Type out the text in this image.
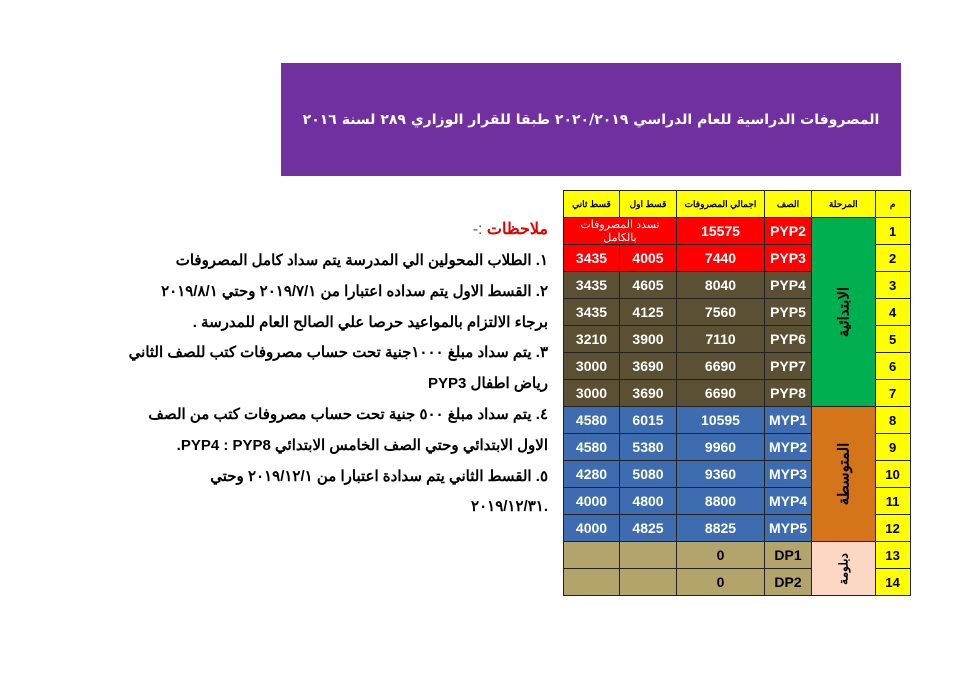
المصروفات الدراسية للعام الدراسي ٢٠٢٠/٢٠١٩ طبقا للقرار الوزاري ٢٨٩ لسنة ٢٠١٦
ملاحظات :-
١. الطلاب المحولين الي المدرسة يتم سداد كامل المصروفات
٢. القسط الاول يتم سداده اعتبارا من ٢٠١٩/٧/١ وحتي ٢٠١٩/٨/١
برجاء الالتزام بالمواعيد حرصا علي الصالح العام للمدرسة .
٣. يتم سداد مبلغ ١٠٠٠جنية تحت حساب مصروفات كتب للصف الثاني
رياض اطفال PYP3
٤. يتم سداد مبلغ ٥٠٠ جنية تحت حساب مصروفات كتب من الصف
الاول الابتدائي وحتي الصف الخامس الابتدائي PYP4 : PYP8.
٥. القسط الثاني يتم سدادة اعتبارا من ٢٠١٩/١٢/١ وحتي
.٢٠١٩/١٢/٣١
قسط ثاني	قسط اول	اجمالي المصروفات	الصف	المرحلة	م
تسدد المصروفات بالكامل		15575	PYP2	الابتدائية	1
3435	4005	7440	PYP3		2
3435	4605	8040	PYP4		3
3435	4125	7560	PYP5		4
3210	3900	7110	PYP6		5
3000	3690	6690	PYP7		6
3000	3690	6690	PYP8		7
4580	6015	10595	MYP1	المتوسطة	8
4580	5380	9960	MYP2		9
4280	5080	9360	MYP3		10
4000	4800	8800	MYP4		11
4000	4825	8825	MYP5		12
		0	DP1	دبلومة	13
		0	DP2		14
